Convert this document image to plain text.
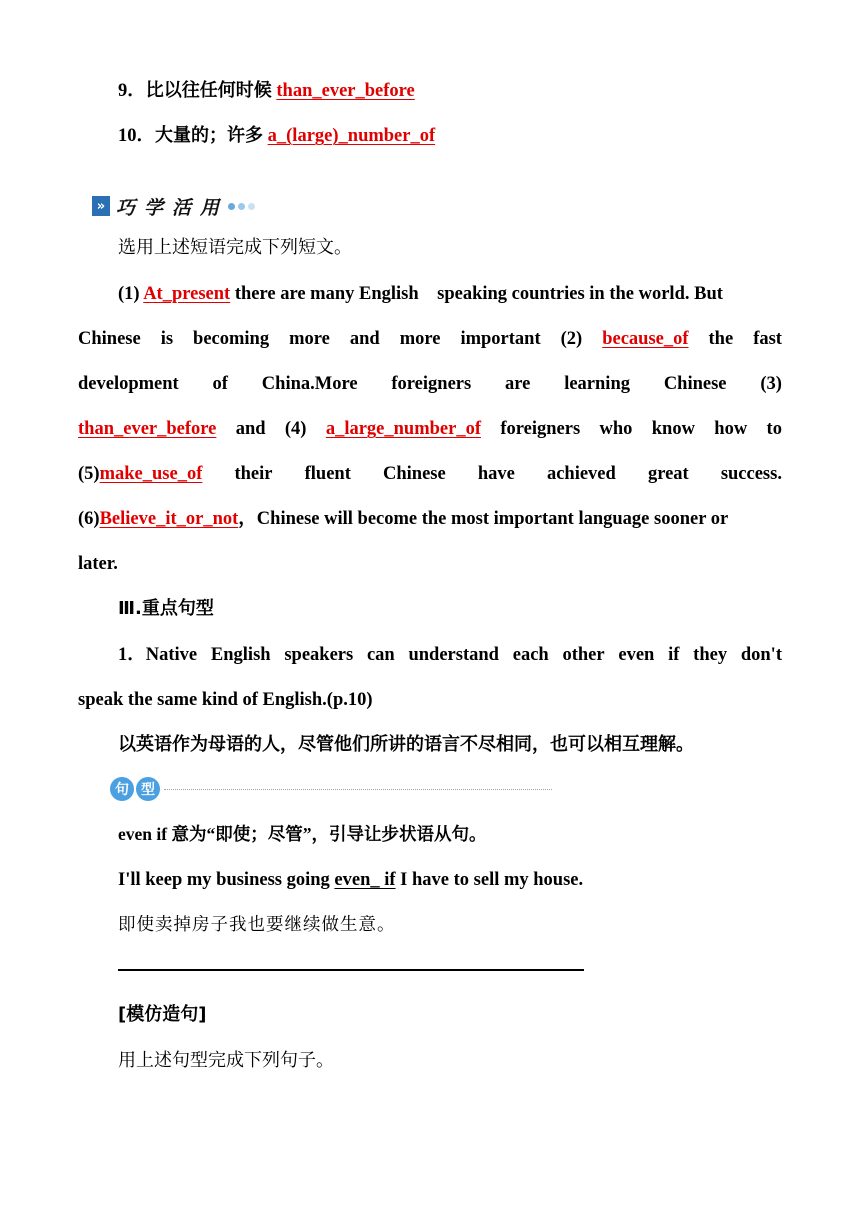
9．比以往任何时候 than_ever_before
10．大量的；许多 a_(large)_number_of
» 巧学活用
选用上述短语完成下列短文。
(1) At_present there are many English speaking countries in the world. But
Chinese is becoming more and more important (2) because_of the fast
development of China.More foreigners are learning Chinese (3)
than_ever_before and (4) a_large_number_of foreigners who know how to
(5)make_use_of their fluent Chinese have achieved great success.
(6)Believe_it_or_not，Chinese will become the most important language sooner or
later.
Ⅲ.重点句型
1．Native English speakers can understand each other even if they don't
speak the same kind of English.(p.10)
以英语作为母语的人，尽管他们所讲的语言不尽相同，也可以相互理解。
句 型
even if 意为“即使；尽管”，引导让步状语从句。
I'll keep my business going even_ if I have to sell my house.
即使卖掉房子我也要继续做生意。
[模仿造句]
用上述句型完成下列句子。
